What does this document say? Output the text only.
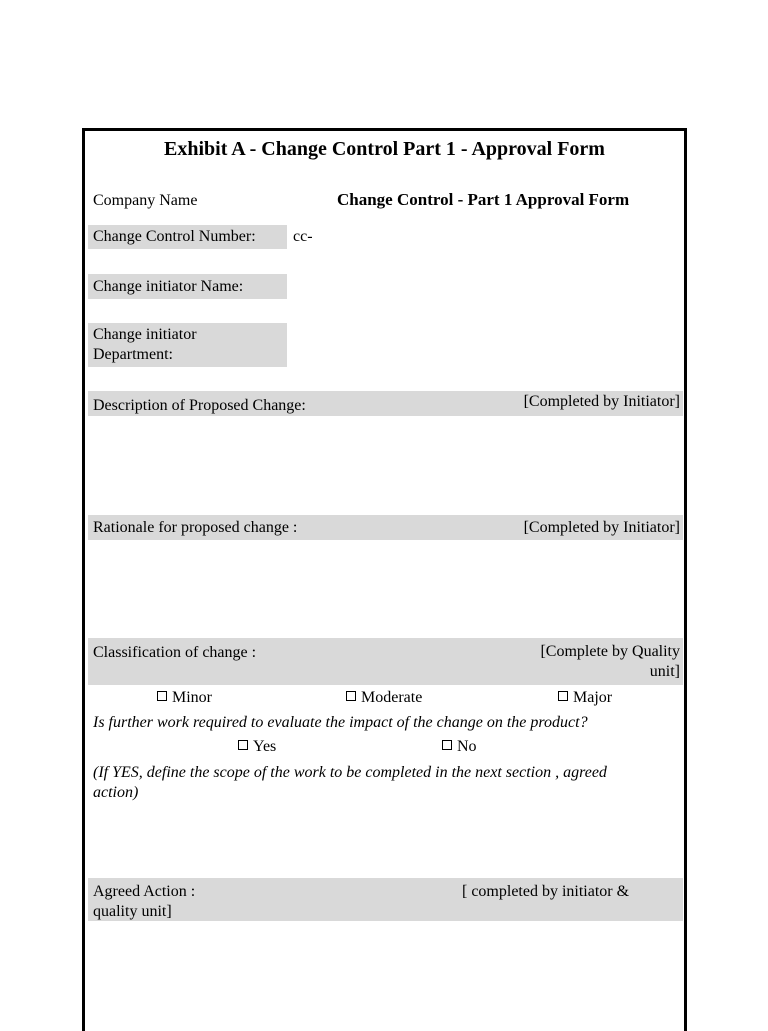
Exhibit A - Change Control Part 1 - Approval Form
Company Name	Change Control - Part 1 Approval Form
Change Control Number:	cc-
Change initiator Name:
Change initiator
Department:
Description of Proposed Change:	[Completed by Initiator]
Rationale for proposed change :	[Completed by Initiator]
Classification of change :	[Complete by Quality
unit]
Minor	Moderate	Major
Is further work required to evaluate the impact of the change on the product?
Yes	No
(If YES, define the scope of the work to be completed in the next section , agreed
action)
Agreed Action :	[ completed by initiator &
quality unit]
